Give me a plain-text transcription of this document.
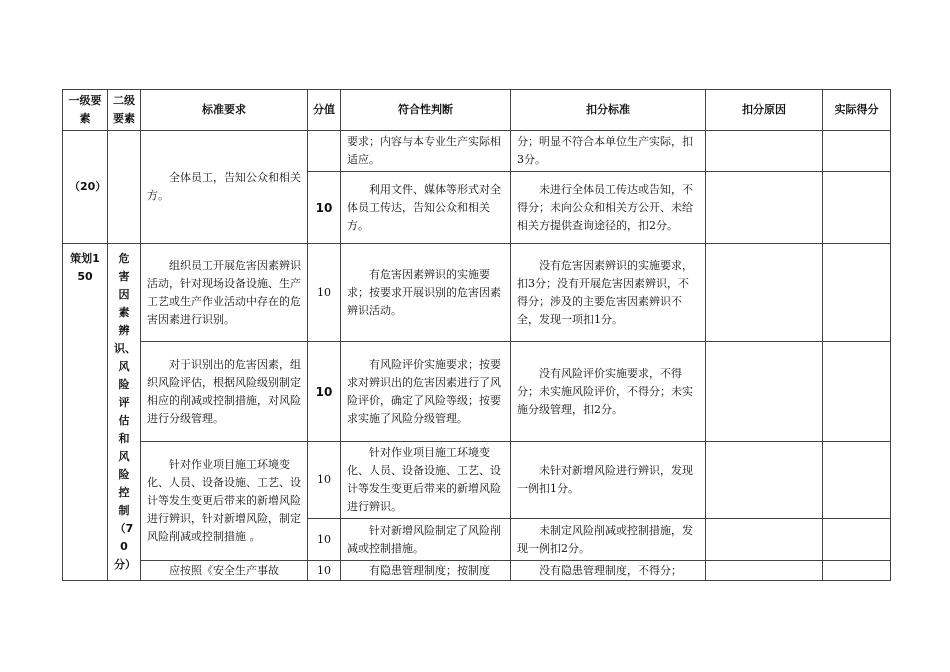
一级要素	二级要素	标准要求	分值	符合性判断	扣分标准	扣分原因	实际得分
（20）		全体员工，告知公众和相关方。		要求；内容与本专业生产实际相适应。	分；明显不符合本单位生产实际，扣3分。		
			10	利用文件、媒体等形式对全体员工传达，告知公众和相关方。	未进行全体员工传达或告知，不得分；未向公众和相关方公开、未给相关方提供查询途径的，扣2分。		
策划150	危害因素辨识、风险评估和风险控制（70分）	组织员工开展危害因素辨识活动，针对现场设备设施、生产工艺或生产作业活动中存在的危害因素进行识别。	10	有危害因素辨识的实施要求；按要求开展识别的危害因素辨识活动。	没有危害因素辨识的实施要求，扣3分；没有开展危害因素辨识，不得分；涉及的主要危害因素辨识不全，发现一项扣1分。		
		对于识别出的危害因素，组织风险评估，根据风险级别制定相应的削减或控制措施，对风险进行分级管理。	10	有风险评价实施要求；按要求对辨识出的危害因素进行了风险评价，确定了风险等级；按要求实施了风险分级管理。	没有风险评价实施要求，不得分；未实施风险评价，不得分；未实施分级管理，扣2分。		
		针对作业项目施工环境变化、人员、设备设施、工艺、设计等发生变更后带来的新增风险进行辨识，针对新增风险，制定风险削减或控制措施 。	10	针对作业项目施工环境变化、人员、设备设施、工艺、设计等发生变更后带来的新增风险进行辨识。	未针对新增风险进行辨识，发现一例扣1分。		
			10	针对新增风险制定了风险削减或控制措施。	未制定风险削减或控制措施，发现一例扣2分。		
		应按照《安全生产事故	10	有隐患管理制度；按制度	没有隐患管理制度，不得分；		
